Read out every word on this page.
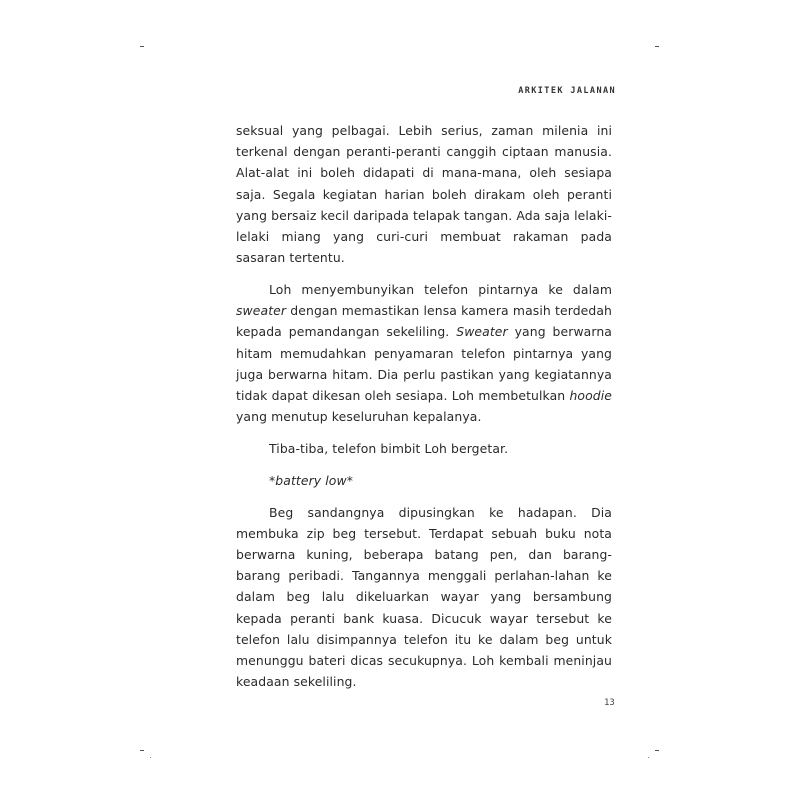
ARKITEK JALANAN

seksual yang pelbagai. Lebih serius, zaman milenia ini terkenal dengan peranti-peranti canggih ciptaan manusia. Alat-alat ini boleh didapati di mana-mana, oleh sesiapa saja. Segala kegiatan harian boleh dirakam oleh peranti yang bersaiz kecil daripada telapak tangan. Ada saja lelaki-lelaki miang yang curi-curi membuat rakaman pada sasaran tertentu.

Loh menyembunyikan telefon pintarnya ke dalam sweater dengan memastikan lensa kamera masih terdedah kepada pemandangan sekeliling. Sweater yang berwarna hitam memudahkan penyamaran telefon pintarnya yang juga berwarna hitam. Dia perlu pastikan yang kegiatannya tidak dapat dikesan oleh sesiapa. Loh membetulkan hoodie yang menutup keseluruhan kepalanya.

Tiba-tiba, telefon bimbit Loh bergetar.

*battery low*

Beg sandangnya dipusingkan ke hadapan. Dia membuka zip beg tersebut. Terdapat sebuah buku nota berwarna kuning, beberapa batang pen, dan barang-barang peribadi. Tangannya menggali perlahan-lahan ke dalam beg lalu dikeluarkan wayar yang bersambung kepada peranti bank kuasa. Dicucuk wayar tersebut ke telefon lalu disimpannya telefon itu ke dalam beg untuk menunggu bateri dicas secukupnya. Loh kembali meninjau keadaan sekeliling.

13
